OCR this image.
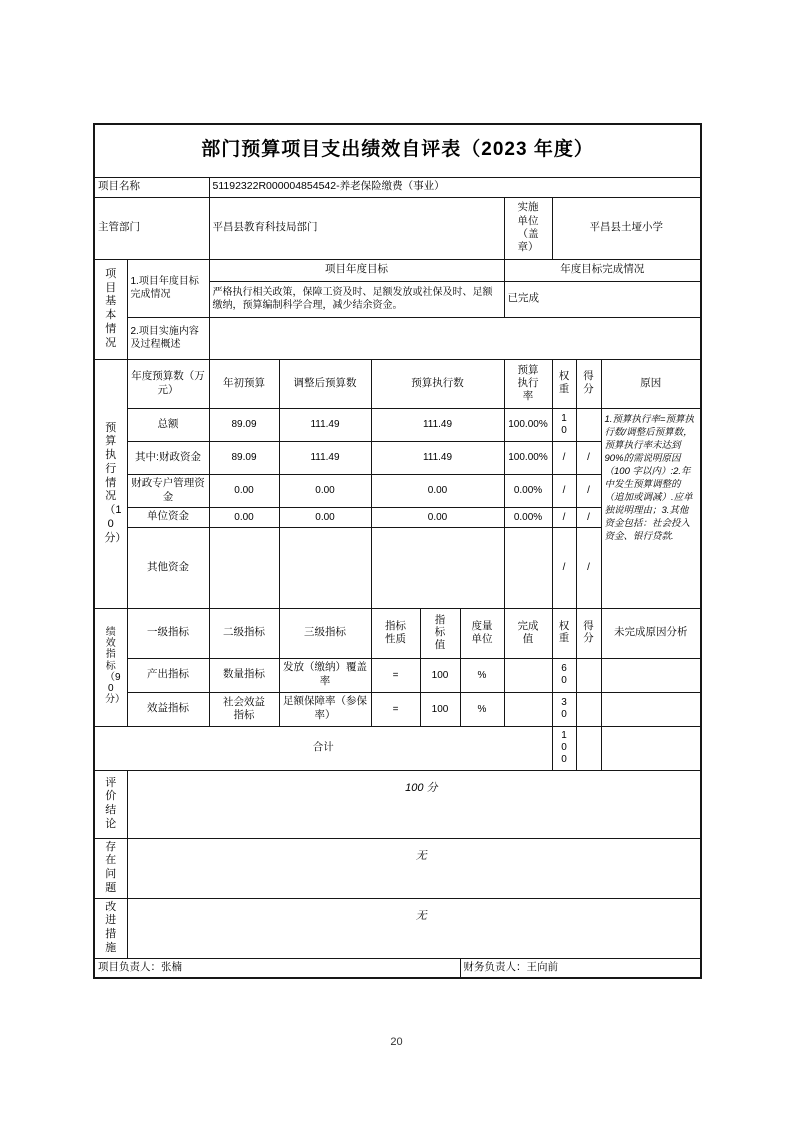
部门预算项目支出绩效自评表（2023 年度）										
项目名称		51192322R000004854542-养老保险缴费（事业）								
主管部门		平昌县教育科技局部门					实施单位（盖章）	平昌县土垭小学		
项目基本情况	1.项目年度目标完成情况	项目年度目标					年度目标完成情况			
		严格执行相关政策，保障工资及时、足额发放或社保及时、足额缴纳，预算编制科学合理，减少结余资金。					已完成			
	2.项目实施内容及过程概述									
预算执行情况（10分）	年度预算数（万元）	年初预算	调整后预算数	预算执行数			预算执行率	权重	得分	原因
	总额	89.09	111.49	111.49			100.00%	10		1.预算执行率=预算执行数/调整后预算数，预算执行率未达到90%的需说明原因（100 字以内）:2.年中发生预算调整的（追加或调减）.应单独说明理由；3.其他资金包括：社会投入资金、银行贷款.
	其中:财政资金	89.09	111.49	111.49			100.00%	/	/	
	财政专户管理资金	0.00	0.00	0.00			0.00%	/	/	
	单位资金	0.00	0.00	0.00			0.00%	/	/	
	其他资金							/	/	
绩效指标（90分）	一级指标	二级指标	三级指标	指标性质	指标值	度量单位	完成值	权重	得分	未完成原因分析
	产出指标	数量指标	发放（缴纳）覆盖率	=	100	%		60		
	效益指标	社会效益指标	足额保障率（参保率）	=	100	%		30		
合计								100		
评价结论	100 分									
存在问题	无									
改进措施	无									
项目负责人：张楠						财务负责人：王向前				
20
